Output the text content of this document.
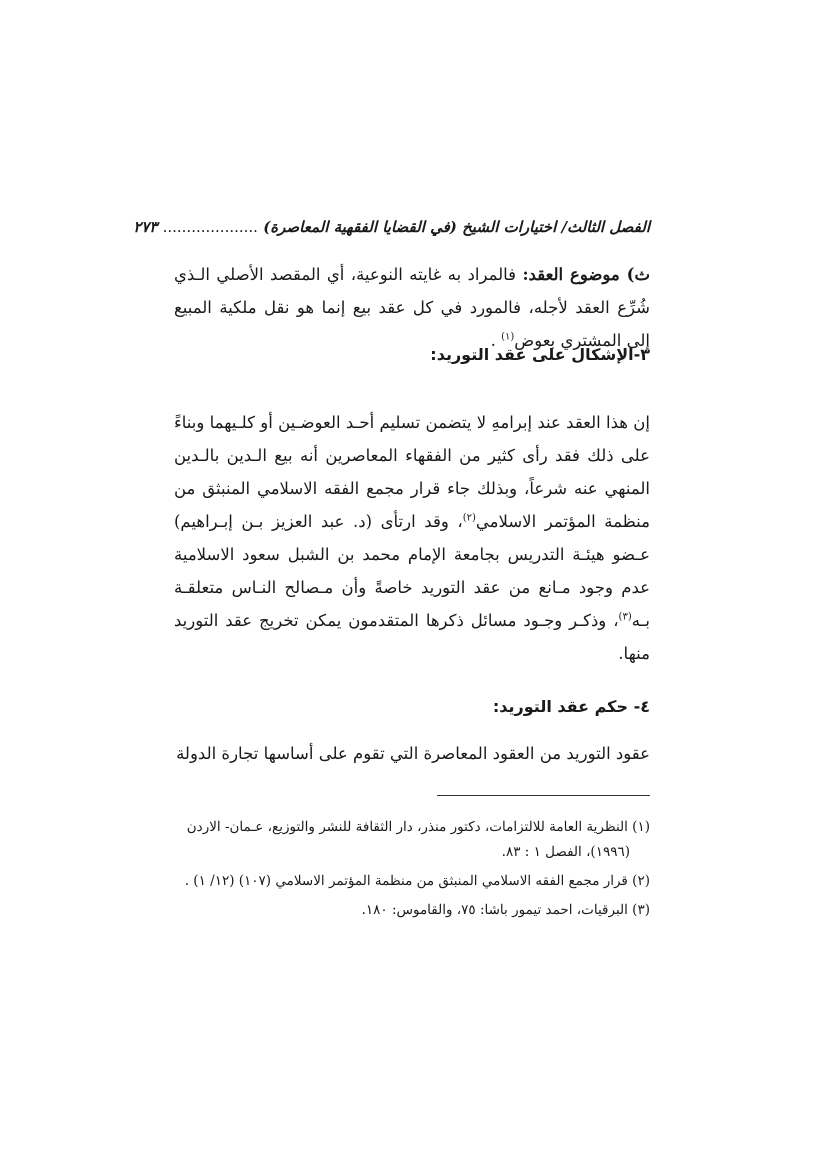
الفصل الثالث/ اختيارات الشيخ (في القضايا الفقهية المعاصرة) .................... ٢٧٣
ث) موضوع العقد: فالمراد به غايته النوعية، أي المقصد الأصلي الـذي شُرِّع العقد لأجله، فالمورد في كل عقد بيع إنما هو نقل ملكية المبيع إلى المشتري بعوض$^{(١)}$ .
٣-الإشكال على عقد التوريد:
إن هذا العقد عند إبرامهِ لا يتضمن تسليم أحـد العوضـين أو كلـيهما وبناءً على ذلك فقد رأى كثير من الفقهاء المعاصرين أنه بيع الـدين بالـدين المنهي عنه شرعاً، وبذلك جاء قرار مجمع الفقه الاسلامي المنبثق من منظمة المؤتمر الاسلامي$^{(٢)}$، وقد ارتأى (د. عبد العزيز بـن إبـراهيم) عـضو هيئـة التدريس بجامعة الإمام محمد بن الشبل سعود الاسلامية عدم وجود مـانع من عقد التوريد خاصةً وأن مـصالح النـاس متعلقـة بـه$^{(٣)}$، وذكـر وجـود مسائل ذكرها المتقدمون يمكن تخريج عقد التوريد منها.
٤- حكم عقد التوريد:
عقود التوريد من العقود المعاصرة التي تقوم على أساسها تجارة الدولة
(١) النظرية العامة للالتزامات، دكتور منذر، دار الثقافة للنشر والتوزيع، عـمان- الاردن
(١٩٩٦)، الفصل ١ : ٨٣.
(٢) قرار مجمع الفقه الاسلامي المنبثق من منظمة المؤتمر الاسلامي (١٠٧) (١٢/ ١) .
(٣) البرقيات، احمد تيمور باشا: ٧٥، والقاموس: ١٨٠.
